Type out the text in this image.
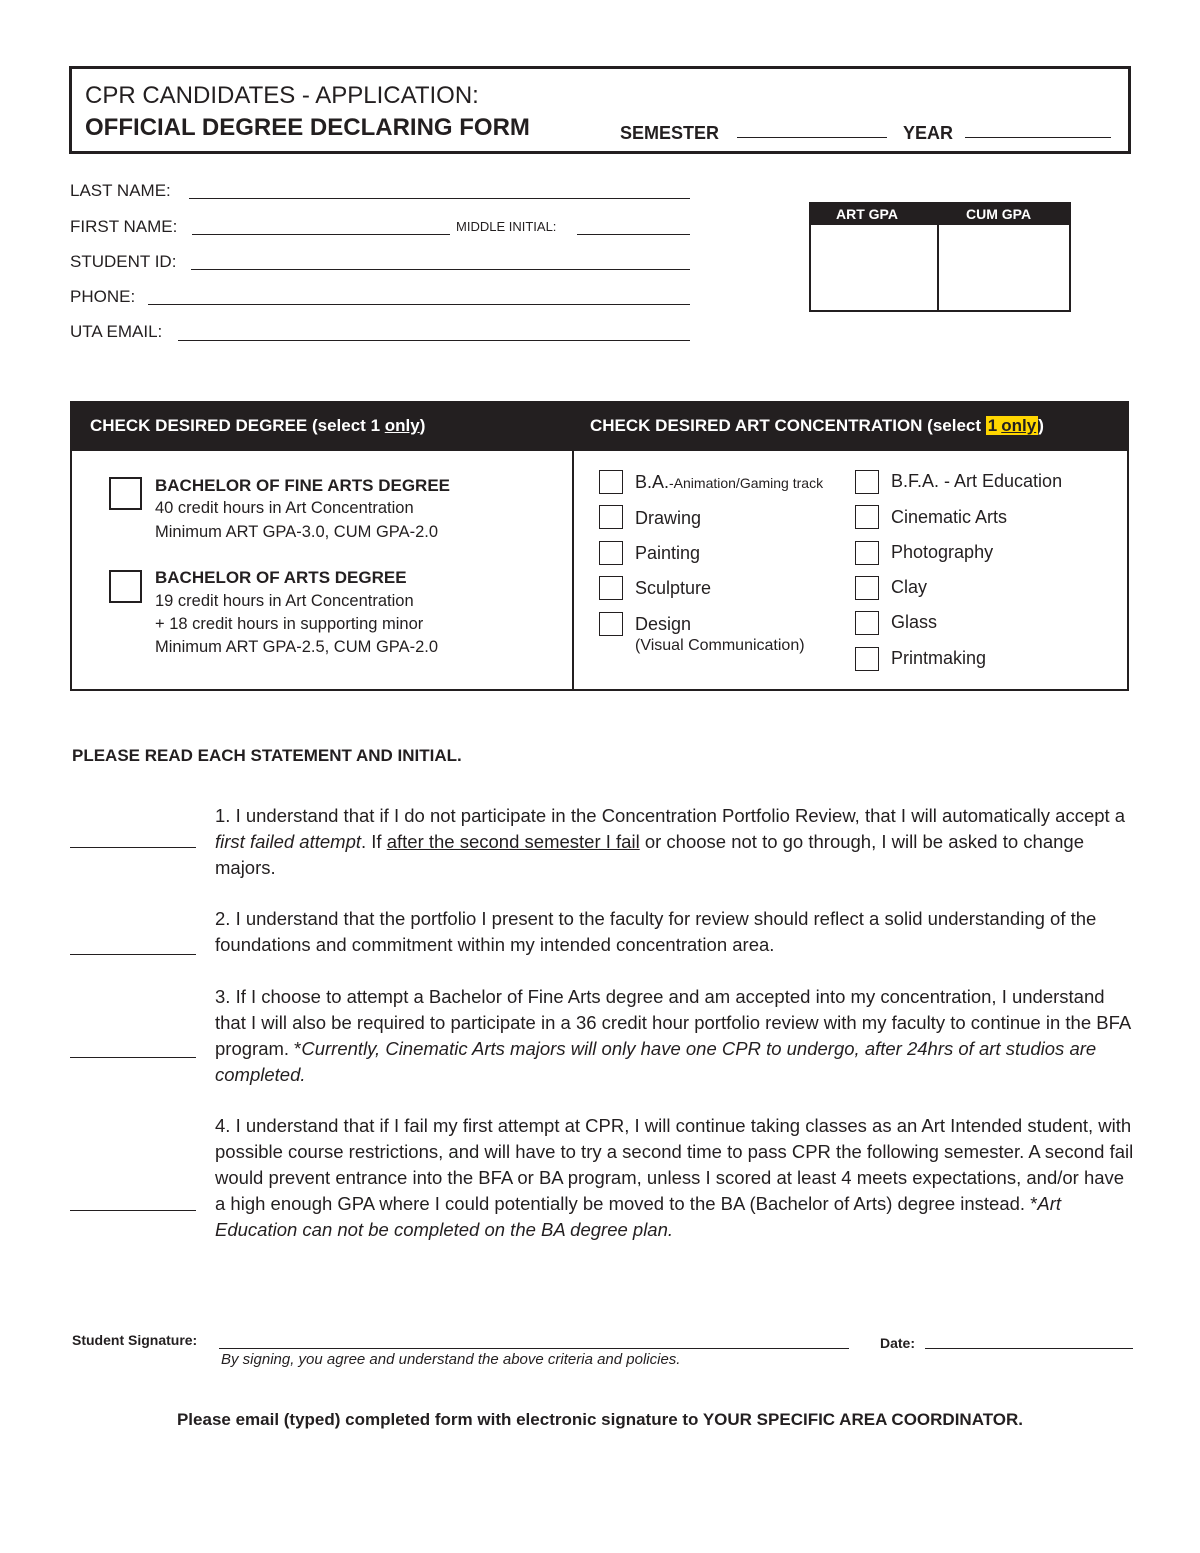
CPR CANDIDATES - APPLICATION:
OFFICIAL DEGREE DECLARING FORM	SEMESTER	YEAR
LAST NAME:
FIRST NAME:	MIDDLE INITIAL:
STUDENT ID:
PHONE:
UTA EMAIL:
ART GPA	CUM GPA
CHECK DESIRED DEGREE (select 1 only)	CHECK DESIRED ART CONCENTRATION (select 1 only )
BACHELOR OF FINE ARTS DEGREE
40 credit hours in Art Concentration
Minimum ART GPA-3.0, CUM GPA-2.0
BACHELOR OF ARTS DEGREE
19 credit hours in Art Concentration
+ 18 credit hours in supporting minor
Minimum ART GPA-2.5, CUM GPA-2.0
B.A.-Animation/Gaming track
Drawing
Painting
Sculpture
Design
(Visual Communication)
B.F.A. - Art Education
Cinematic Arts
Photography
Clay
Glass
Printmaking
PLEASE READ EACH STATEMENT AND INITIAL.
1. I understand that if I do not participate in the Concentration Portfolio Review, that I will automatically accept a first failed attempt. If after the second semester I fail or choose not to go through, I will be asked to change majors.
2. I understand that the portfolio I present to the faculty for review should reflect a solid understanding of the foundations and commitment within my intended concentration area.
3. If I choose to attempt a Bachelor of Fine Arts degree and am accepted into my concentration, I understand that I will also be required to participate in a 36 credit hour portfolio review with my faculty to continue in the BFA program. *Currently, Cinematic Arts majors will only have one CPR to undergo, after 24hrs of art studios are completed.
4. I understand that if I fail my first attempt at CPR, I will continue taking classes as an Art Intended student, with possible course restrictions, and will have to try a second time to pass CPR the following semester. A second fail would prevent entrance into the BFA or BA program, unless I scored at least 4 meets expectations, and/or have a high enough GPA where I could potentially be moved to the BA (Bachelor of Arts) degree instead. *Art Education can not be completed on the BA degree plan.
Student Signature:
By signing, you agree and understand the above criteria and policies.
Date:
Please email (typed) completed form with electronic signature to YOUR SPECIFIC AREA COORDINATOR.
